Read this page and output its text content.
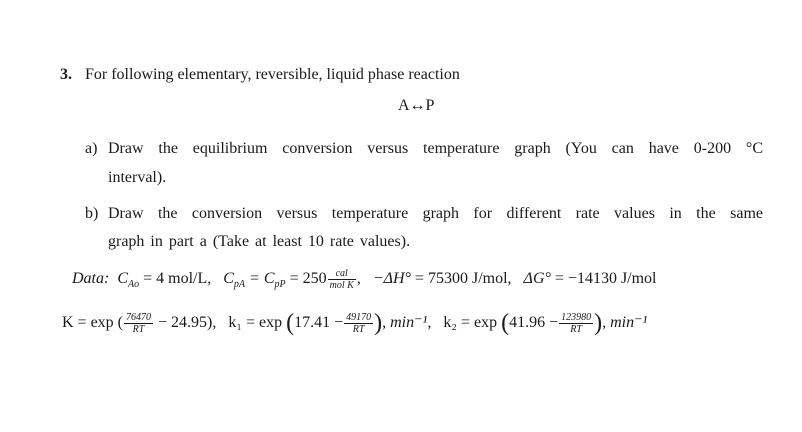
3. For following elementary, reversible, liquid phase reaction
A↔P
a) Draw the equilibrium conversion versus temperature graph (You can have 0-200 °C
interval).
b) Draw the conversion versus temperature graph for different rate values in the same
graph in part a (Take at least 10 rate values).
Data:  $C_{Ao} = 4$ mol/L,   $C_{pA} = C_{pP} = 250 \frac{\text{cal}}{\text{mol K}}$ ,   −ΔH° = 75300 J/mol,   ΔG° = −14130 J/mol
K = exp ( $\frac{76470}{RT} - 24.95$), $k_1 = \exp (17.41 - \frac{49170}{RT}$ ), min⁻¹, $k_2 = \exp (41.96 - \frac{123980}{RT}$ ), min⁻¹
